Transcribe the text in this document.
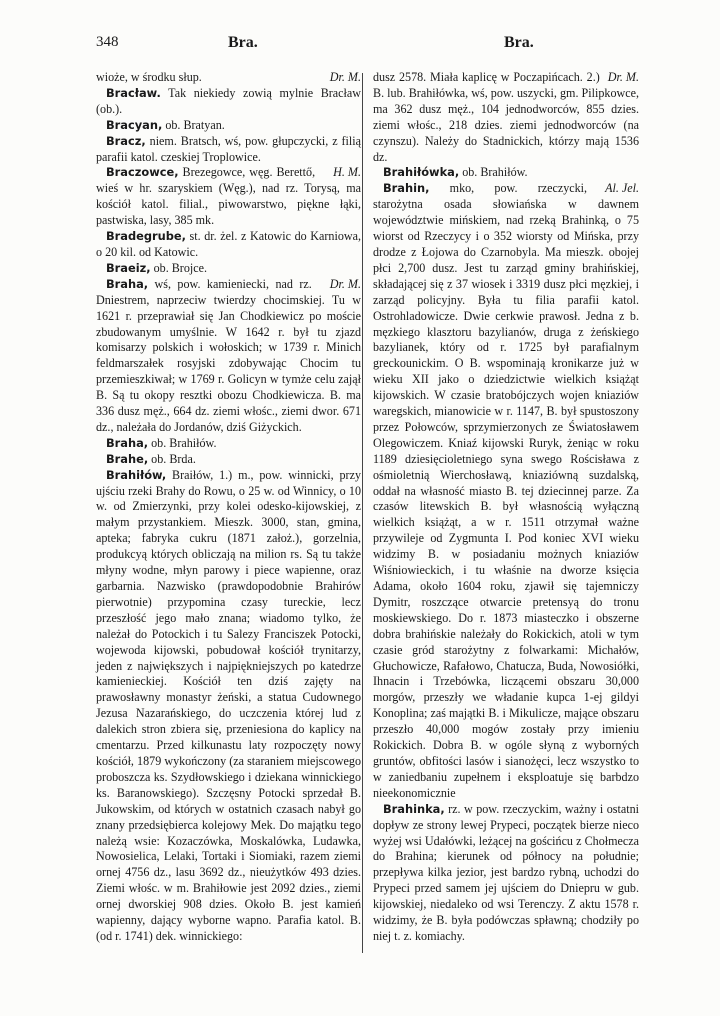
348	Bra.	Bra.

Dr. M.
wioże, w środku słup.

Bracław. Tak niekiedy zowią mylnie Bracław (ob.).

Bracyan, ob. Bratyan.

Bracz, niem. Bratsch, wś, pow. głupczycki, z filią parafii katol. czeskiej Troplowice.

H. M.
Braczowce, Brezegowce, węg. Berettő, wieś w hr. szaryskiem (Węg.), nad rz. Torysą, ma kościół katol. filial., piwowarstwo, piękne łąki, pastwiska, lasy, 385 mk.

Bradegrube, st. dr. żel. z Katowic do Karniowa, o 20 kil. od Katowic.

Braeiz, ob. Brojce.

Dr. M.
Braha, wś, pow. kamieniecki, nad rz. Dniestrem, naprzeciw twierdzy chocimskiej. Tu w 1621 r. przeprawiał się Jan Chodkiewicz po moście zbudowanym umyślnie. W 1642 r. był tu zjazd komisarzy polskich i wołoskich; w 1739 r. Minich feldmarszałek rosyjski zdobywając Chocim tu przemieszkiwał; w 1769 r. Golicyn w tymże celu zajął B. Są tu okopy resztki obozu Chodkiewicza. B. ma 336 dusz męż., 664 dz. ziemi włośc., ziemi dwor. 671 dz., należała do Jordanów, dziś Giżyckich.

Braha, ob. Brahiłów.

Brahe, ob. Brda.

Brahiłów, Braiłów, 1.) m., pow. winnicki, przy ujściu rzeki Brahy do Rowu, o 25 w. od Winnicy, o 10 w. od Zmierzynki, przy kolei odesko-kijowskiej, z małym przystankiem. Mieszk. 3000, stan, gmina, apteka; fabryka cukru (1871 założ.), gorzelnia, produkcyą których obliczają na milion rs. Są tu także młyny wodne, młyn parowy i piece wapienne, oraz garbarnia. Nazwisko (prawdopodobnie Brahirów pierwotnie) przypomina czasy tureckie, lecz przeszłość jego mało znana; wiadomo tylko, że należał do Potockich i tu Salezy Franciszek Potocki, wojewoda kijowski, pobudował kościół trynitarzy, jeden z największych i najpiękniejszych po katedrze kamienieckiej. Kościół ten dziś zajęty na prawosławny monastyr żeński, a statua Cudownego Jezusa Nazarańskiego, do uczczenia której lud z dalekich stron zbiera się, przeniesiona do kaplicy na cmentarzu. Przed kilkunastu laty rozpoczęty nowy kościół, 1879 wykończony (za staraniem miejscowego proboszcza ks. Szydłowskiego i dziekana winnickiego ks. Baranowskiego). Szczęsny Potocki sprzedał B. Jukowskim, od których w ostatnich czasach nabył go znany przedsiębierca kolejowy Mek. Do majątku tego należą wsie: Kozaczówka, Moskalówka, Ludawka, Nowosielica, Lelaki, Tortaki i Siomiaki, razem ziemi ornej 4756 dz., lasu 3692 dz., nieużytków 493 dzies. Ziemi włośc. w m. Brahiłowie jest 2092 dzies., ziemi ornej dworskiej 908 dzies. Około B. jest kamień wapienny, dający wyborne wapno. Parafia katol. B. (od r. 1741) dek. winnickiego:

Dr. M.
dusz 2578. Miała kaplicę w Poczapińcach. 2.) B. lub. Brahiłówka, wś, pow. uszycki, gm. Pilipkowce, ma 362 dusz męż., 104 jednodworców, 855 dzies. ziemi włośc., 218 dzies. ziemi jednodworców (na czynszu). Należy do Stadnickich, którzy mają 1536 dz.

Brahiłówka, ob. Brahiłów.

Al. Jel.
Brahin, mko, pow. rzeczycki, starożytna osada słowiańska w dawnem województwie mińskiem, nad rzeką Brahinką, o 75 wiorst od Rzeczycy i o 352 wiorsty od Mińska, przy drodze z Łojowa do Czarnobyla. Ma mieszk. obojej płci 2,700 dusz. Jest tu zarząd gminy brahińskiej, składającej się z 37 wiosek i 3319 dusz płci męzkiej, i zarząd policyjny. Była tu filia parafii katol. Ostrohladowicze. Dwie cerkwie prawosł. Jedna z b. męzkiego klasztoru bazylianów, druga z żeńskiego bazylianek, który od r. 1725 był parafialnym greckounickim. O B. wspominają kronikarze już w wieku XII jako o dziedzictwie wielkich książąt kijowskich. W czasie bratobójczych wojen kniaziów waregskich, mianowicie w r. 1147, B. był spustoszony przez Połowców, sprzymierzonych ze Światosławem Olegowiczem. Kniaź kijowski Ruryk, żeniąc w roku 1189 dziesięcioletniego syna swego Rościsława z ośmioletnią Wierchosławą, kniaziówną suzdalską, oddał na własność miasto B. tej dziecinnej parze. Za czasów litewskich B. był własnością wyłączną wielkich książąt, a w r. 1511 otrzymał ważne przywileje od Zygmunta I. Pod koniec XVI wieku widzimy B. w posiadaniu możnych kniaziów Wiśniowieckich, i tu właśnie na dworze księcia Adama, około 1604 roku, zjawił się tajemniczy Dymitr, roszczące otwarcie pretensyą do tronu moskiewskiego. Do r. 1873 miasteczko i obszerne dobra brahińskie należały do Rokickich, atoli w tym czasie gród starożytny z folwarkami: Michałów, Głuchowicze, Rafałowo, Chatucza, Buda, Nowosiółki, Ihnacin i Trzebówka, liczącemi obszaru 30,000 morgów, przeszły we władanie kupca 1-ej gildyi Konoplina; zaś majątki B. i Mikulicze, mające obszaru przeszło 40,000 mogów zostały przy imieniu Rokickich. Dobra B. w ogóle słyną z wyborných gruntów, obfitości lasów i sianożęci, lecz wszystko to w zaniedbaniu zupełnem i eksploatuje się barbdzo nieekonomicznie

Brahinka, rz. w pow. rzeczyckim, ważny i ostatni dopływ ze strony lewej Prypeci, początek bierze nieco wyżej wsi Udałówki, leżącej na gościńcu z Chołmecza do Brahina; kierunek od północy na południe; przepływa kilka jezior, jest bardzo rybną, uchodzi do Prypeci przed samem jej ujściem do Dniepru w gub. kijowskiej, niedaleko od wsi Terenczy. Z aktu 1578 r. widzimy, że B. była podówczas spławną; chodziły po niej t. z. komiachy.
